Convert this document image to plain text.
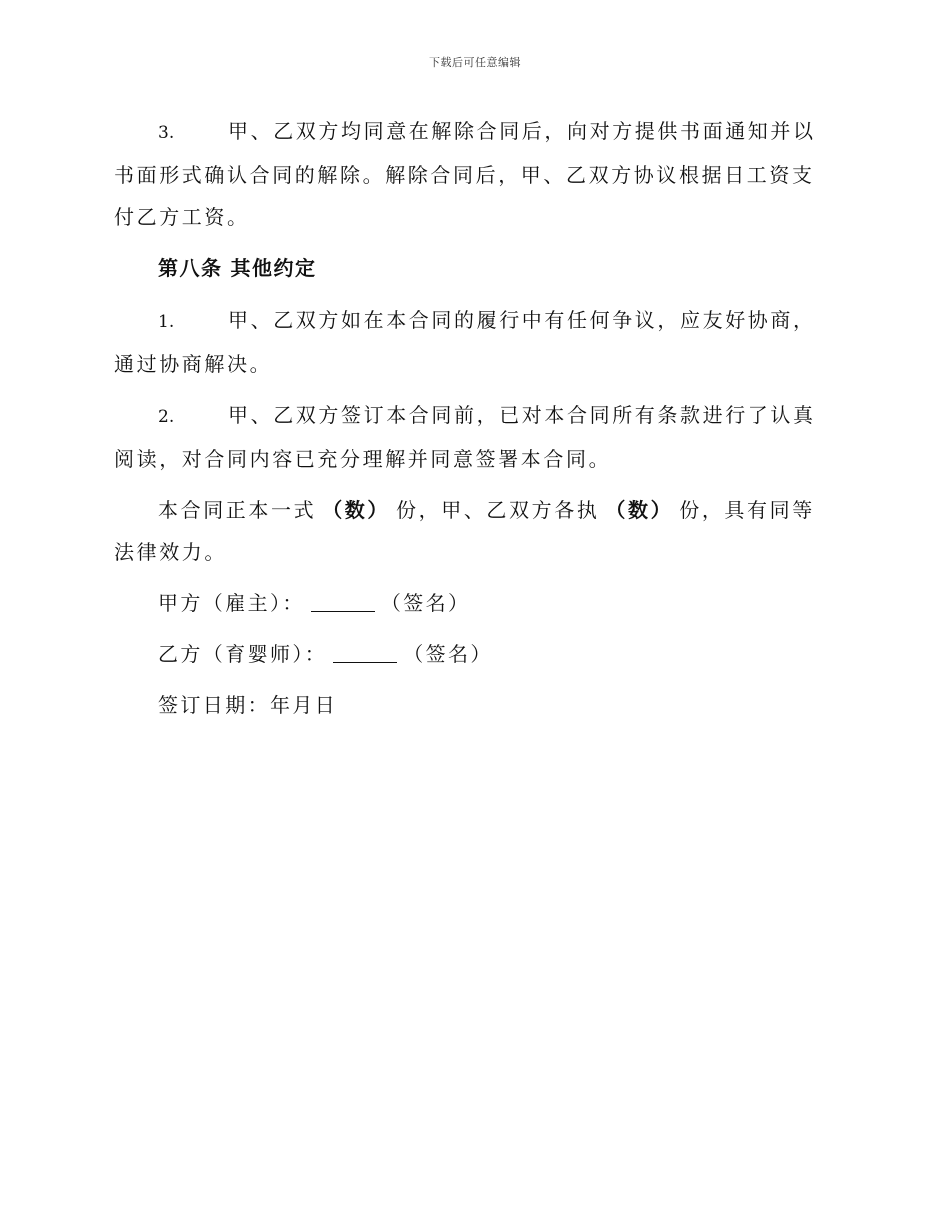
下载后可任意编辑

3.	甲、乙双方均同意在解除合同后，向对方提供书面通知并以书面形式确认合同的解除。解除合同后，甲、乙双方协议根据日工资支付乙方工资。

第八条 其他约定

1.	甲、乙双方如在本合同的履行中有任何争议，应友好协商，通过协商解决。

2.	甲、乙双方签订本合同前，已对本合同所有条款进行了认真阅读，对合同内容已充分理解并同意签署本合同。

本合同正本一式 （数） 份，甲、乙双方各执 （数） 份，具有同等法律效力。

甲方（雇主）：	（签名）
乙方（育婴师）：	（签名）
签订日期：年月日
